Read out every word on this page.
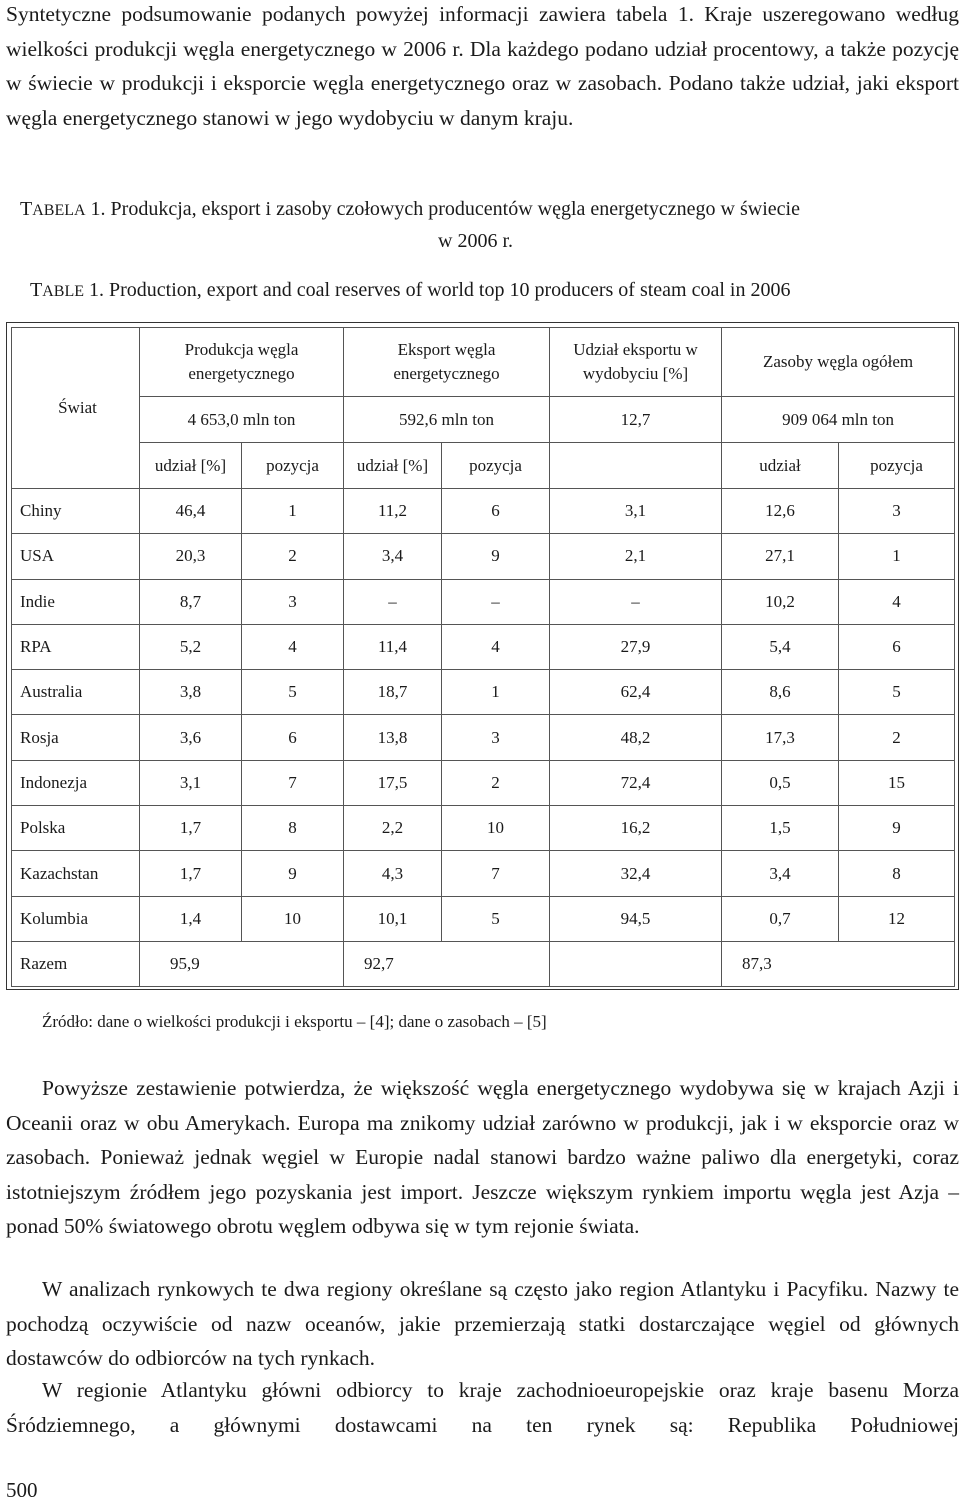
Syntetyczne podsumowanie podanych powyżej informacji zawiera tabela 1. Kraje uszeregowano według wielkości produkcji węgla energetycznego w 2006 r. Dla każdego podano udział procentowy, a także pozycję w świecie w produkcji i eksporcie węgla energetycznego oraz w zasobach. Podano także udział, jaki eksport węgla energetycznego stanowi w jego wydobyciu w danym kraju.

TABELA 1. Produkcja, eksport i zasoby czołowych producentów węgla energetycznego w świecie
w 2006 r.
TABLE 1. Production, export and coal reserves of world top 10 producers of steam coal in 2006
Świat	Produkcja węgla energetycznego		Eksport węgla energetycznego		Udział eksportu w wydobyciu [%]	Zasoby węgla ogółem	
	4 653,0 mln ton		592,6 mln ton		12,7	909 064 mln ton	
	udział [%]	pozycja	udział [%]	pozycja		udział	pozycja
Chiny	46,4	1	11,2	6	3,1	12,6	3
USA	20,3	2	3,4	9	2,1	27,1	1
Indie	8,7	3	–	–	–	10,2	4
RPA	5,2	4	11,4	4	27,9	5,4	6
Australia	3,8	5	18,7	1	62,4	8,6	5
Rosja	3,6	6	13,8	3	48,2	17,3	2
Indonezja	3,1	7	17,5	2	72,4	0,5	15
Polska	1,7	8	2,2	10	16,2	1,5	9
Kazachstan	1,7	9	4,3	7	32,4	3,4	8
Kolumbia	1,4	10	10,1	5	94,5	0,7	12
Razem	95,9		92,7			87,3	
Źródło: dane o wielkości produkcji i eksportu – [4]; dane o zasobach – [5]

Powyższe zestawienie potwierdza, że większość węgla energetycznego wydobywa się w krajach Azji i Oceanii oraz w obu Amerykach. Europa ma znikomy udział zarówno w produkcji, jak i w eksporcie oraz w zasobach. Ponieważ jednak węgiel w Europie nadal stanowi bardzo ważne paliwo dla energetyki, coraz istotniejszym źródłem jego pozyskania jest import. Jeszcze większym rynkiem importu węgla jest Azja – ponad 50% światowego obrotu węglem odbywa się w tym rejonie świata.

W analizach rynkowych te dwa regiony określane są często jako region Atlantyku i Pacyfiku. Nazwy te pochodzą oczywiście od nazw oceanów, jakie przemierzają statki dostarczające węgiel od głównych dostawców do odbiorców na tych rynkach.

W regionie Atlantyku główni odbiorcy to kraje zachodnioeuropejskie oraz kraje basenu Morza Śródziemnego, a głównymi dostawcami na ten rynek są: Republika Południowej

500
